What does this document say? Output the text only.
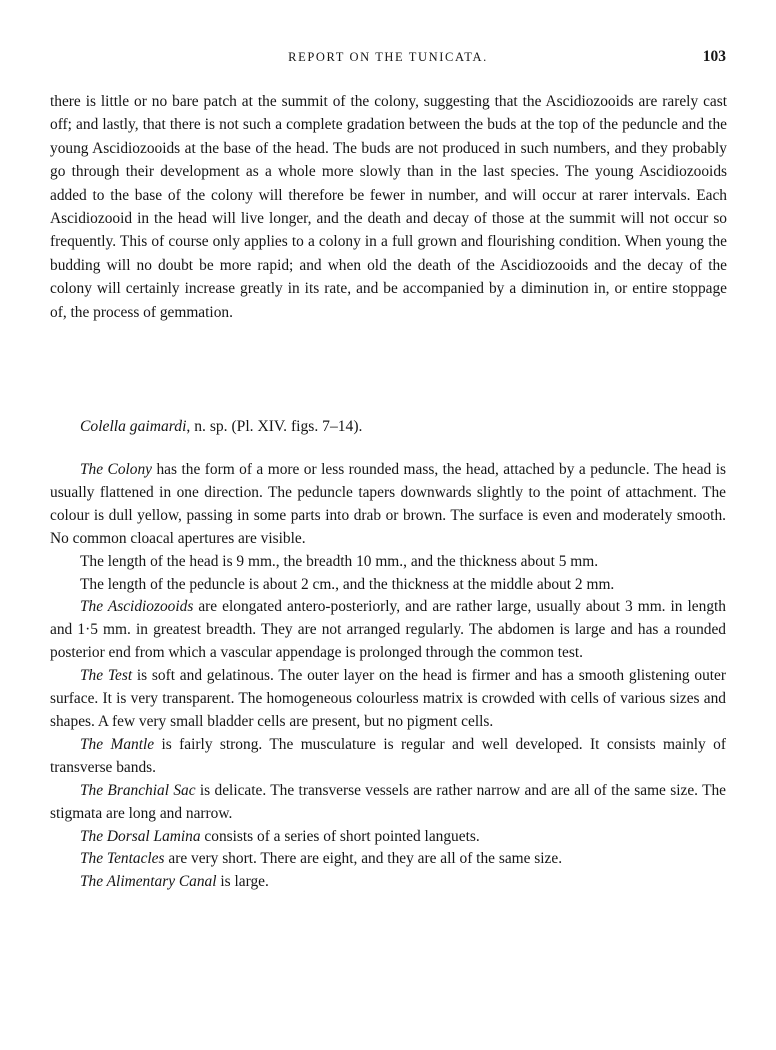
REPORT ON THE TUNICATA.	103

there is little or no bare patch at the summit of the colony, suggesting that the Ascidiozooids are rarely cast off; and lastly, that there is not such a complete gradation between the buds at the top of the peduncle and the young Ascidiozooids at the base of the head. The buds are not produced in such numbers, and they probably go through their development as a whole more slowly than in the last species. The young Ascidiozooids added to the base of the colony will therefore be fewer in number, and will occur at rarer intervals. Each Ascidiozooid in the head will live longer, and the death and decay of those at the summit will not occur so frequently. This of course only applies to a colony in a full grown and flourishing condition. When young the budding will no doubt be more rapid; and when old the death of the Ascidiozooids and the decay of the colony will certainly increase greatly in its rate, and be accompanied by a diminution in, or entire stoppage of, the process of gemmation.

Colella gaimardi, n. sp. (Pl. XIV. figs. 7–14).

The Colony has the form of a more or less rounded mass, the head, attached by a peduncle. The head is usually flattened in one direction. The peduncle tapers downwards slightly to the point of attachment. The colour is dull yellow, passing in some parts into drab or brown. The surface is even and moderately smooth. No common cloacal apertures are visible.

The length of the head is 9 mm., the breadth 10 mm., and the thickness about 5 mm.

The length of the peduncle is about 2 cm., and the thickness at the middle about 2 mm.

The Ascidiozooids are elongated antero-posteriorly, and are rather large, usually about 3 mm. in length and 1·5 mm. in greatest breadth. They are not arranged regularly. The abdomen is large and has a rounded posterior end from which a vascular appendage is prolonged through the common test.

The Test is soft and gelatinous. The outer layer on the head is firmer and has a smooth glistening outer surface. It is very transparent. The homogeneous colourless matrix is crowded with cells of various sizes and shapes. A few very small bladder cells are present, but no pigment cells.

The Mantle is fairly strong. The musculature is regular and well developed. It consists mainly of transverse bands.

The Branchial Sac is delicate. The transverse vessels are rather narrow and are all of the same size. The stigmata are long and narrow.

The Dorsal Lamina consists of a series of short pointed languets.

The Tentacles are very short. There are eight, and they are all of the same size.

The Alimentary Canal is large.
